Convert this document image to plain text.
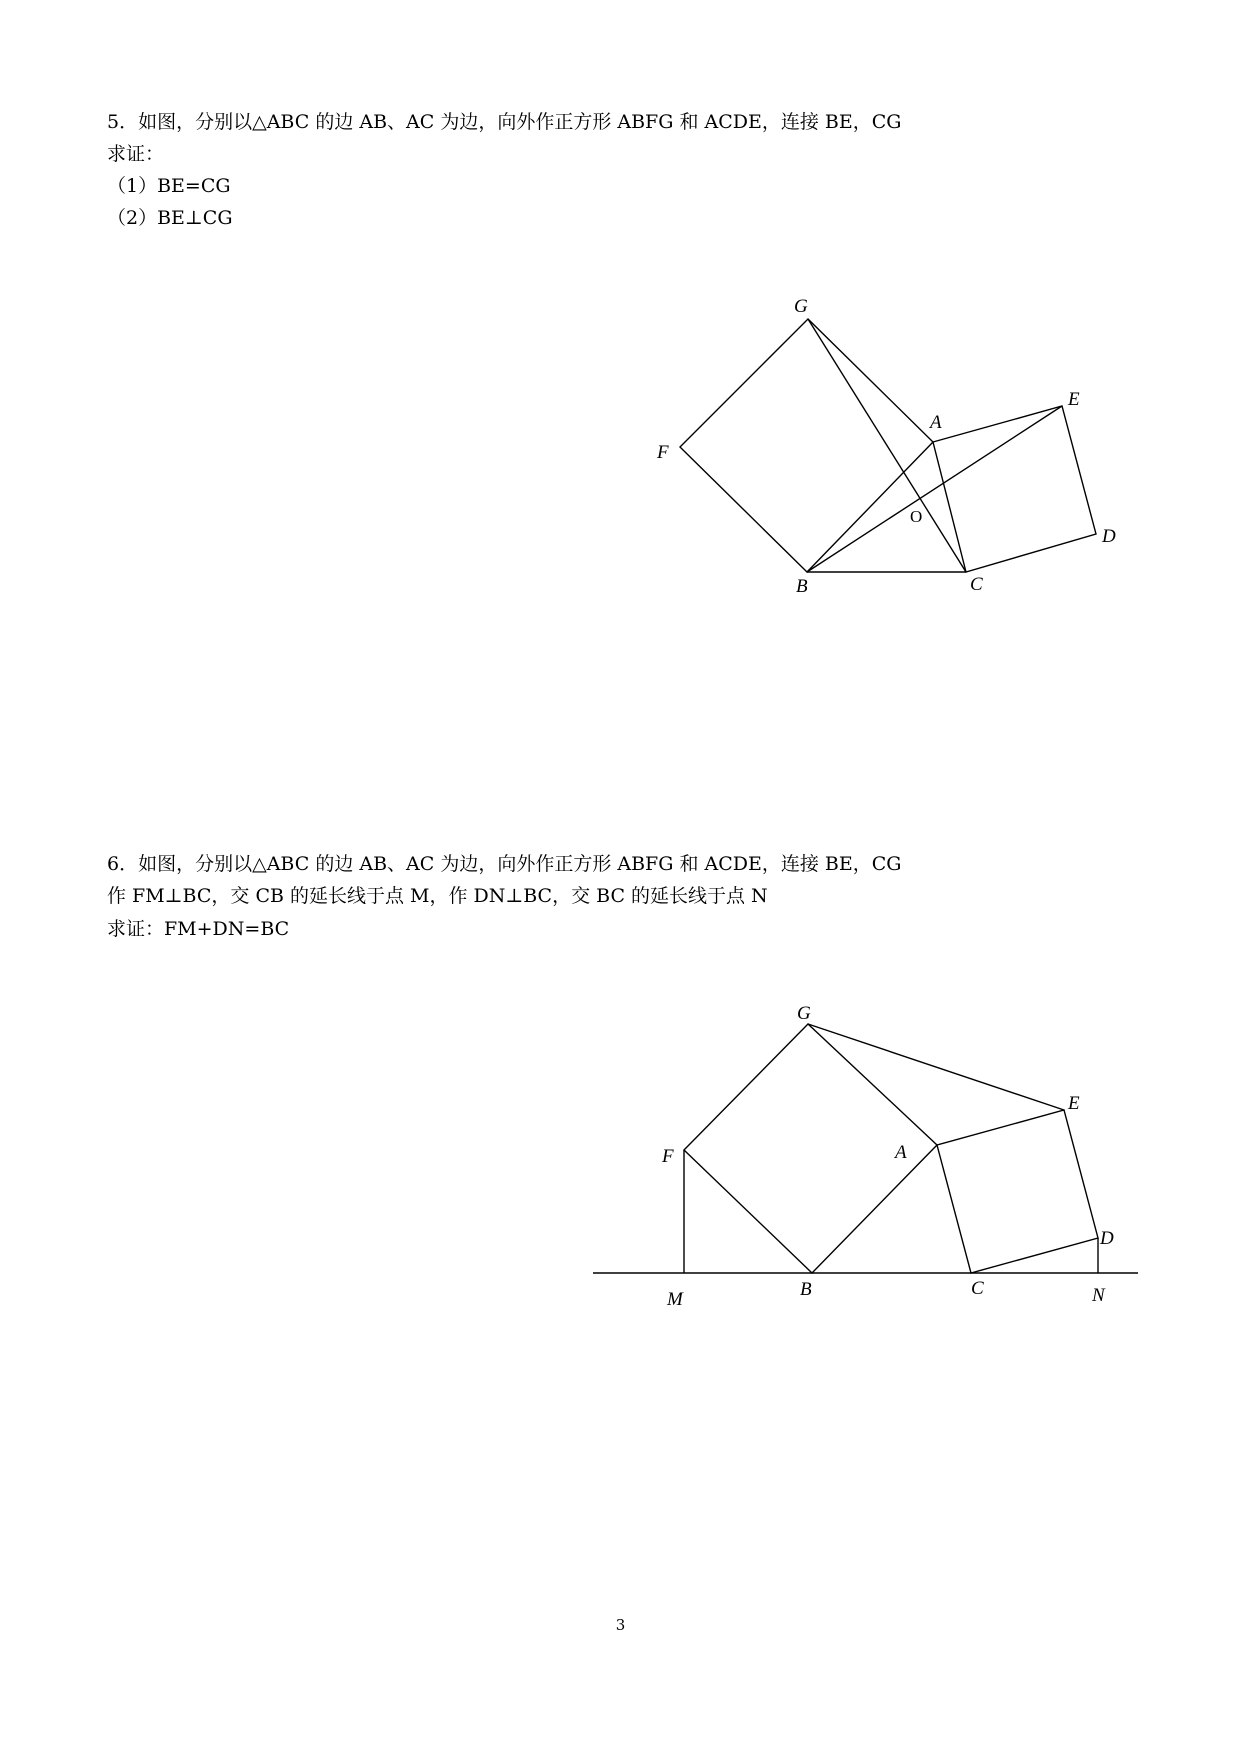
5．如图，分别以△ABC 的边 AB、AC 为边，向外作正方形 ABFG 和 ACDE，连接 BE，CG
求证：
（1）BE=CG
（2）BE⊥CG
G
F
A
E
O
D
B	C
6．如图，分别以△ABC 的边 AB、AC 为边，向外作正方形 ABFG 和 ACDE，连接 BE，CG
作 FM⊥BC，交 CB 的延长线于点 M，作 DN⊥BC，交 BC 的延长线于点 N
求证：FM+DN=BC
G
F	A
E
D
M	B	C	N
3
